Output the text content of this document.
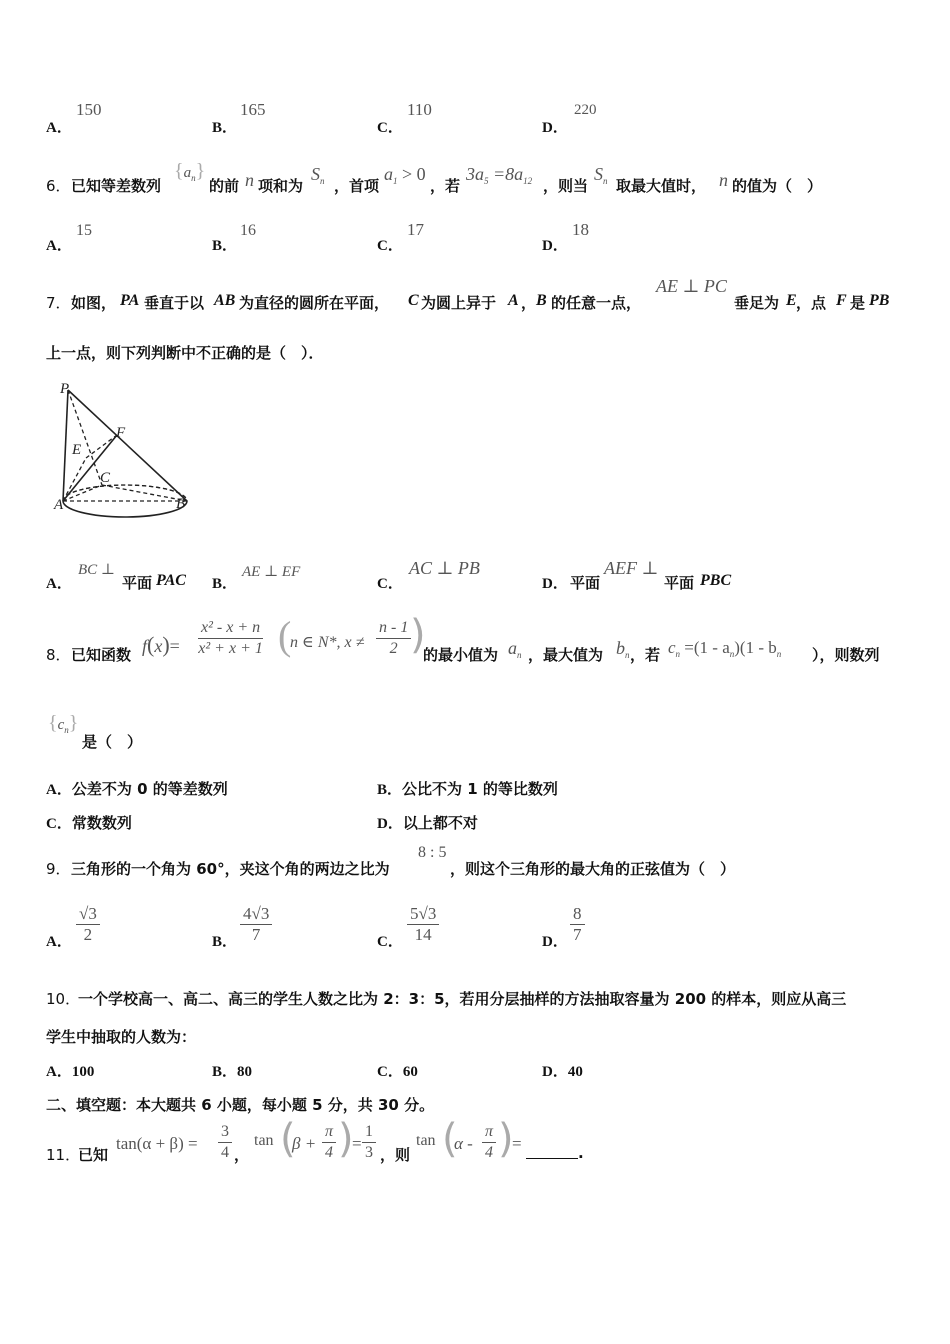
A．
150
B．
165
C．
110
D．
220
6． 已知等差数列
$\{a_n\}$
的前 n 项和为
$S_n$ ，首项
$a_1 > 0$
，若
$3a_5 =8a_{12}$ ，则当
$S_n$ 取最大值时， n 的值为（　）
A．
15
B．
16
C．
17
D．
18
7． 如图， PA 垂直于以 AB 为直径的圆所在平面， C 为圆上异于 A ， B 的任意一点，
AE ⊥ PC
垂足为 E ，点 F 是 PB
上一点，则下列判断中不正确的是（　）．
P
F
E
C
A	B
A．
BC ⊥
平面 PAC B．
AE ⊥ EF
C．
AC ⊥ PB
D． 平面
AEF ⊥
平面 PBC
8． 已知函数 $f(x)= \frac{\text{x² - x + n}}{\text{x² + x + 1}}$ (
n ∈ N*, $x \ne \frac{n - 1}{2}$
)
的最小值为 $a_n$ ，最大值为 $b_n$ ，若 $c_n =(1 - a_n)(1 - b_n$ ），则数列
$\{c_n\}$
是（　）
A．公差不为 0 的等差数列	B．公比不为 1 的等比数列
C．常数数列	D．以上都不对
9． 三角形的一个角为 60°，夹这个角的两边之比为
8 : 5
，则这个三角形的最大角的正弦值为（　）
A． $\frac{√3}{2}$	B． $\frac{4√3}{7}$	C． $\frac{5√3}{14}$	D． $\frac{8}{7}$
10．
一个学校高一、高二、高三的学生人数之比为 2：3：5，若用分层抽样的方法抽取容量为 200 的样本，则应从高三
学生中抽取的人数为：
A．100	B．80	C．60	D．40
二、填空题：本大题共 6 小题，每小题 5 分，共 30 分。
11．
已知
$\tan(\alpha + \beta) = \frac{3}{4}$ ，
tan (
$\beta + \frac{\pi}{4}$ )
= $\frac{1}{3}$ ，则
tan (
α - $\frac{\pi}{4}$ )
=	.
